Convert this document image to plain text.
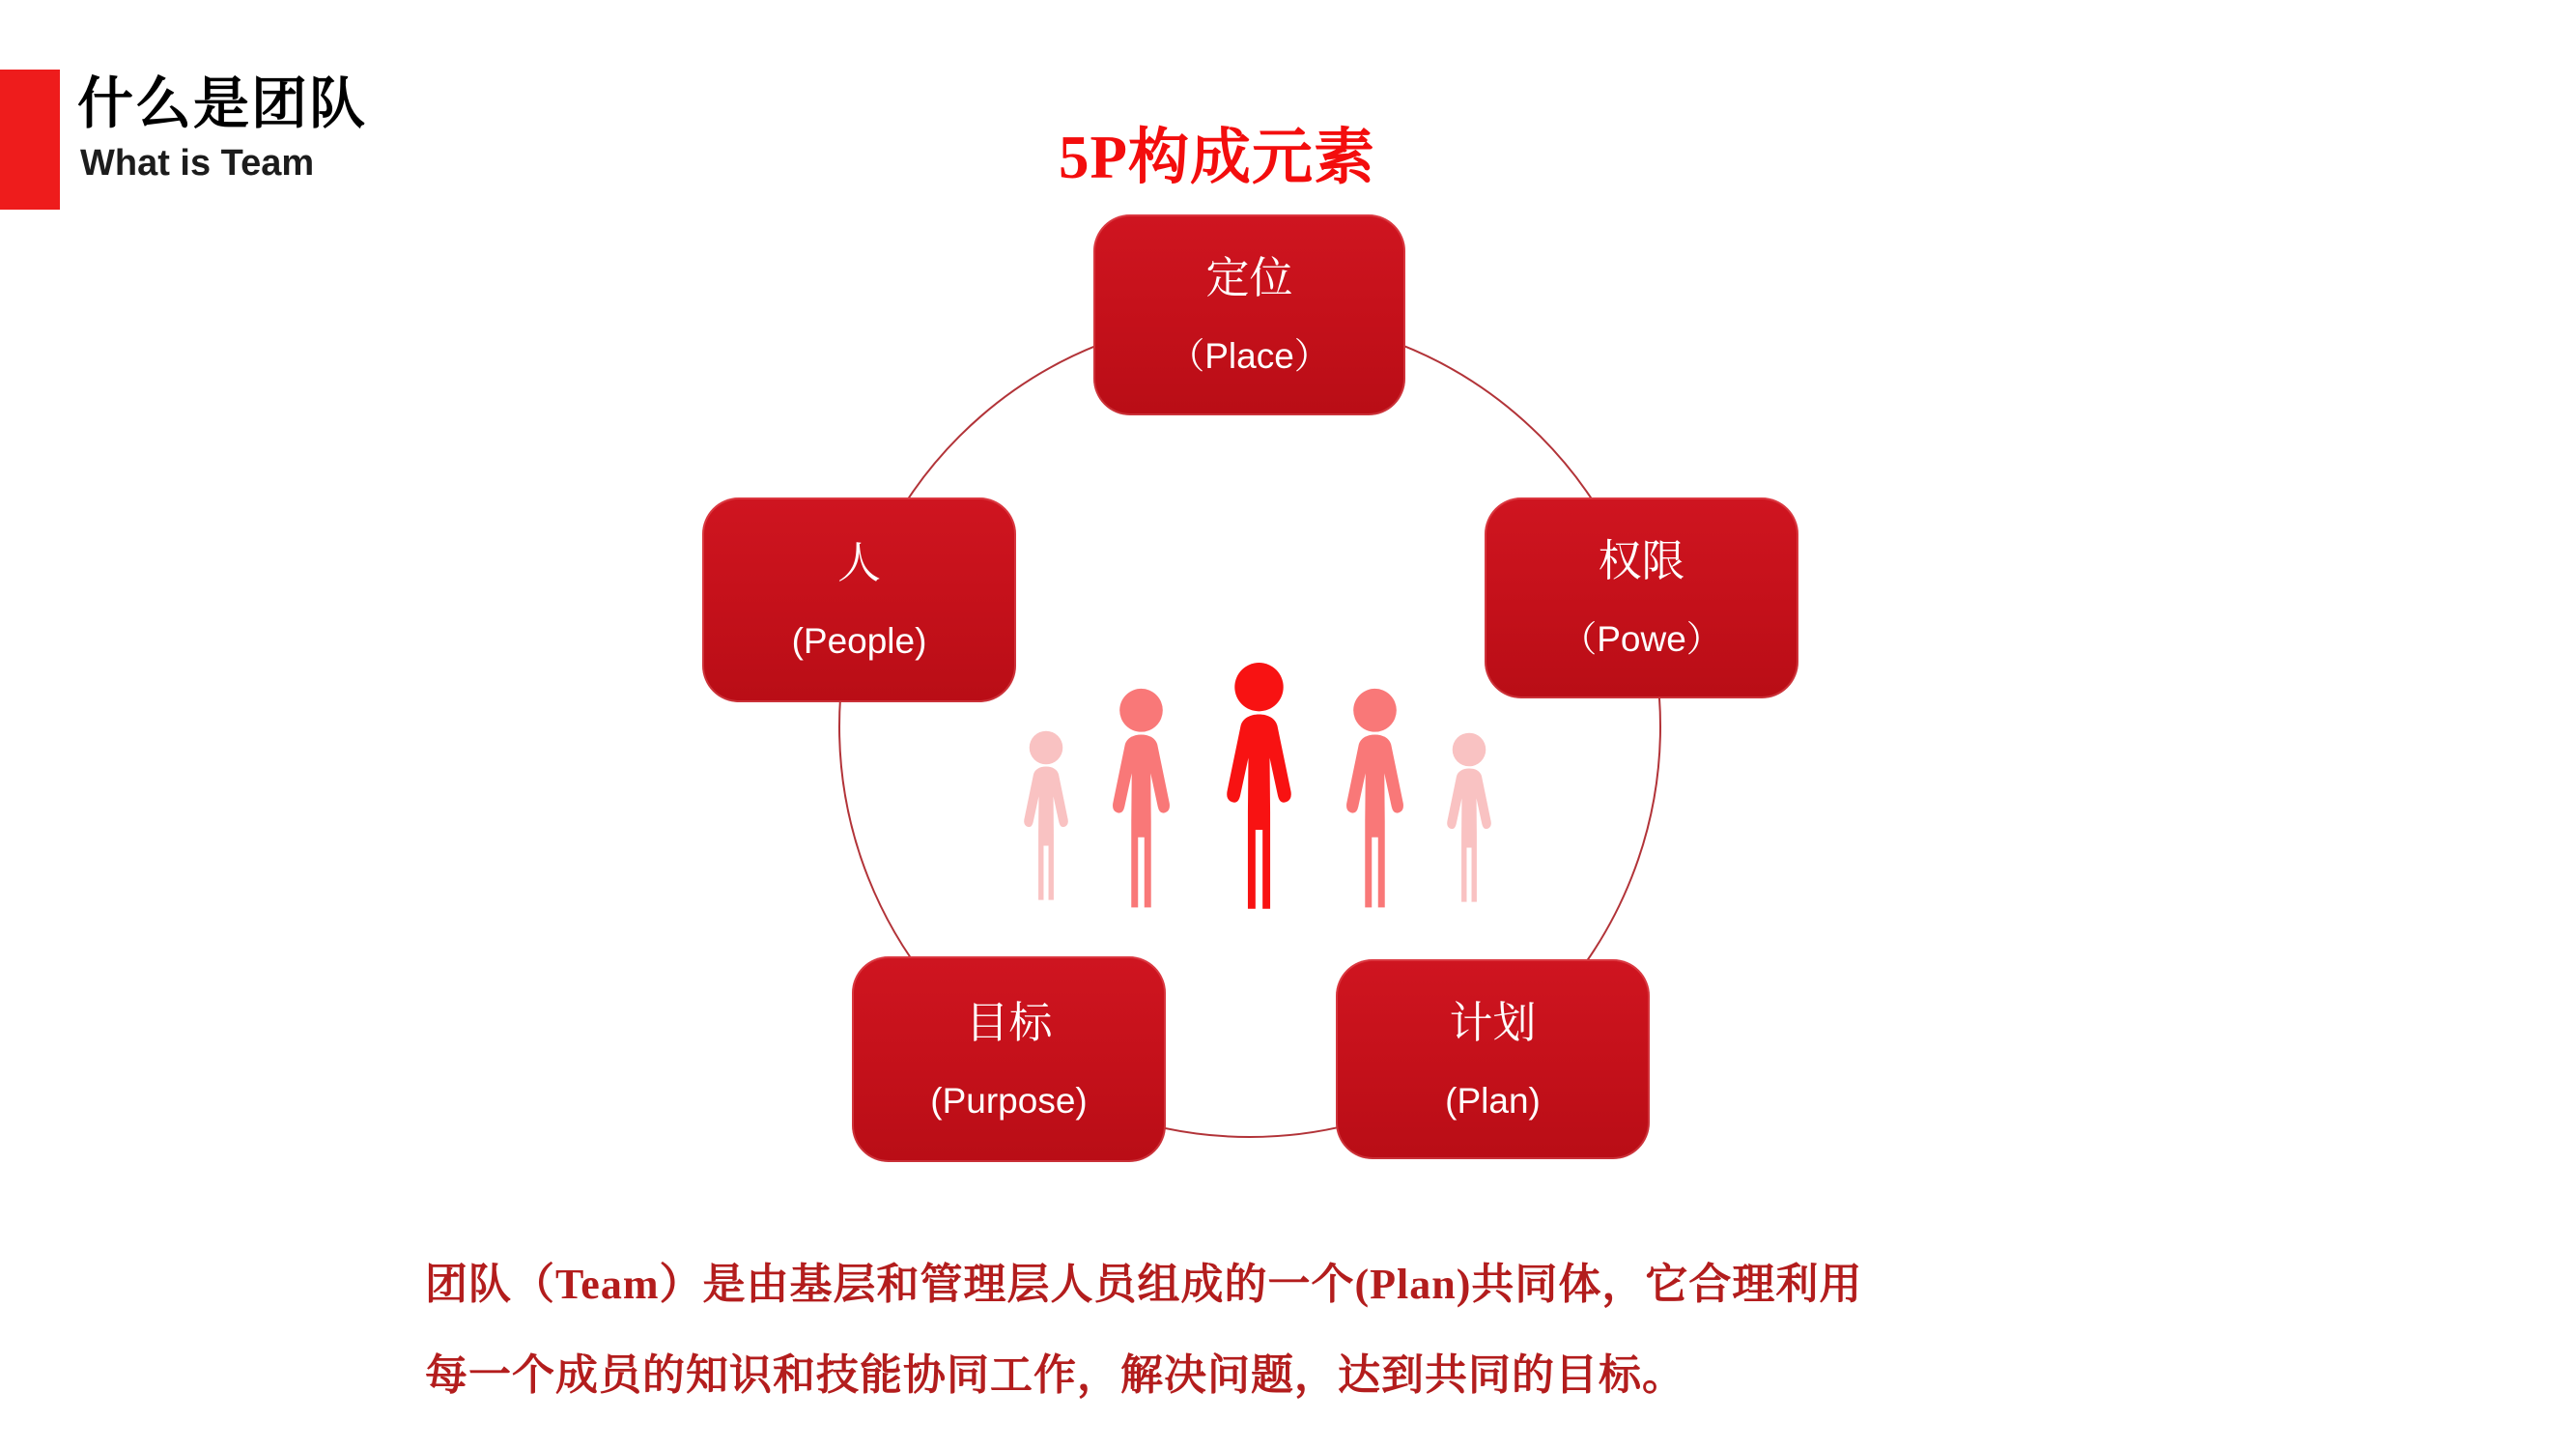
什么是团队
What is Team	5P构成元素
定位
（Place）
人
(People)
权限
（Powe）
目标
(Purpose)
计划
(Plan)
团队（Team）是由基层和管理层人员组成的一个(Plan)共同体，它合理利用
每一个成员的知识和技能协同工作，解决问题，达到共同的目标。
